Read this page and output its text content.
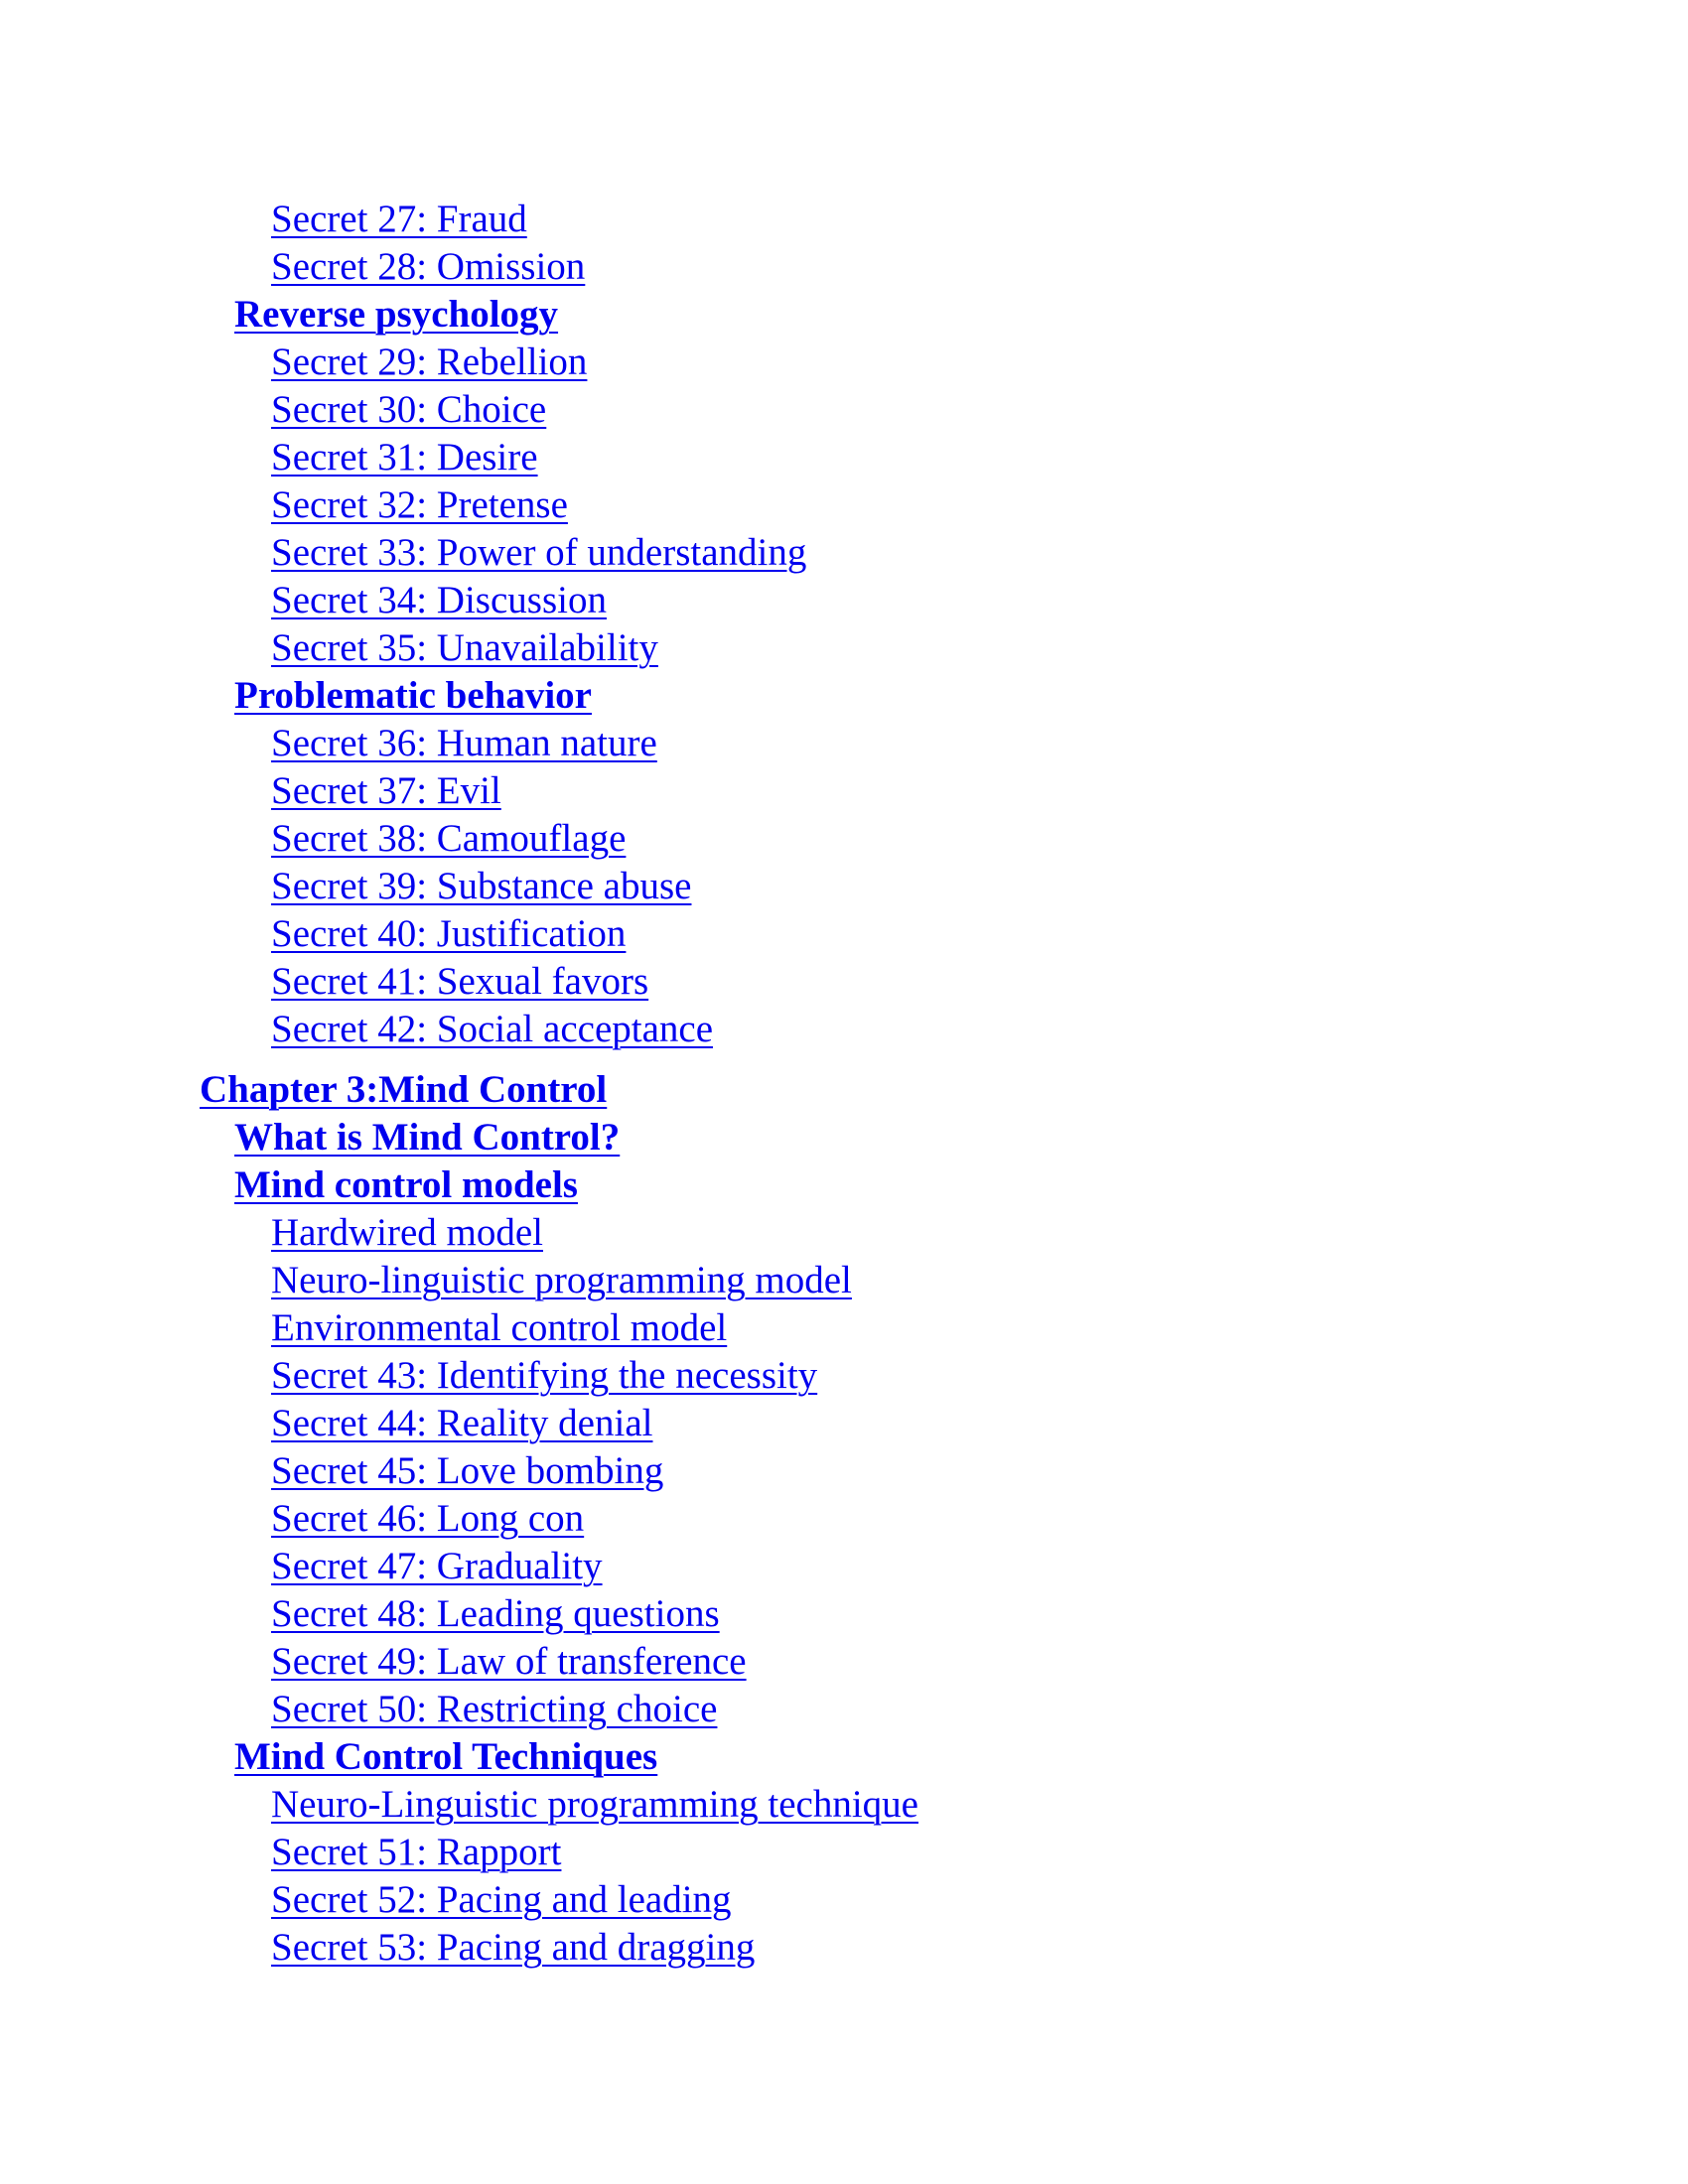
Secret 27: Fraud
Secret 28: Omission
Reverse psychology
Secret 29: Rebellion
Secret 30: Choice
Secret 31: Desire
Secret 32: Pretense
Secret 33: Power of understanding
Secret 34: Discussion
Secret 35: Unavailability
Problematic behavior
Secret 36: Human nature
Secret 37: Evil
Secret 38: Camouflage
Secret 39: Substance abuse
Secret 40: Justification
Secret 41: Sexual favors
Secret 42: Social acceptance
Chapter 3:Mind Control
What is Mind Control?
Mind control models
Hardwired model
Neuro-linguistic programming model
Environmental control model
Secret 43: Identifying the necessity
Secret 44: Reality denial
Secret 45: Love bombing
Secret 46: Long con
Secret 47: Graduality
Secret 48: Leading questions
Secret 49: Law of transference
Secret 50: Restricting choice
Mind Control Techniques
Neuro-Linguistic programming technique
Secret 51: Rapport
Secret 52: Pacing and leading
Secret 53: Pacing and dragging
